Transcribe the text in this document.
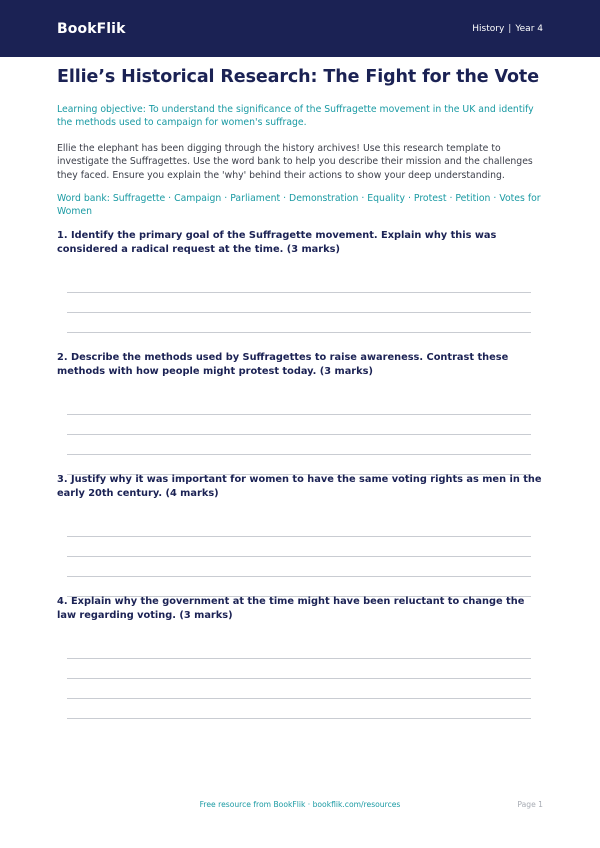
BookFlik	History | Year 4
Ellie’s Historical Research: The Fight for the Vote

Learning objective: To understand the significance of the Suffragette movement in the UK and identify the methods used to campaign for women's suffrage.

Ellie the elephant has been digging through the history archives! Use this research template to investigate the Suffragettes. Use the word bank to help you describe their mission and the challenges they faced. Ensure you explain the 'why' behind their actions to show your deep understanding.

Word bank: Suffragette · Campaign · Parliament · Demonstration · Equality · Protest · Petition · Votes for Women

1. Identify the primary goal of the Suffragette movement. Explain why this was considered a radical request at the time. (3 marks)

2. Describe the methods used by Suffragettes to raise awareness. Contrast these methods with how people might protest today. (3 marks)

3. Justify why it was important for women to have the same voting rights as men in the early 20th century. (4 marks)

4. Explain why the government at the time might have been reluctant to change the law regarding voting. (3 marks)

Free resource from BookFlik · bookflik.com/resources	Page 1
